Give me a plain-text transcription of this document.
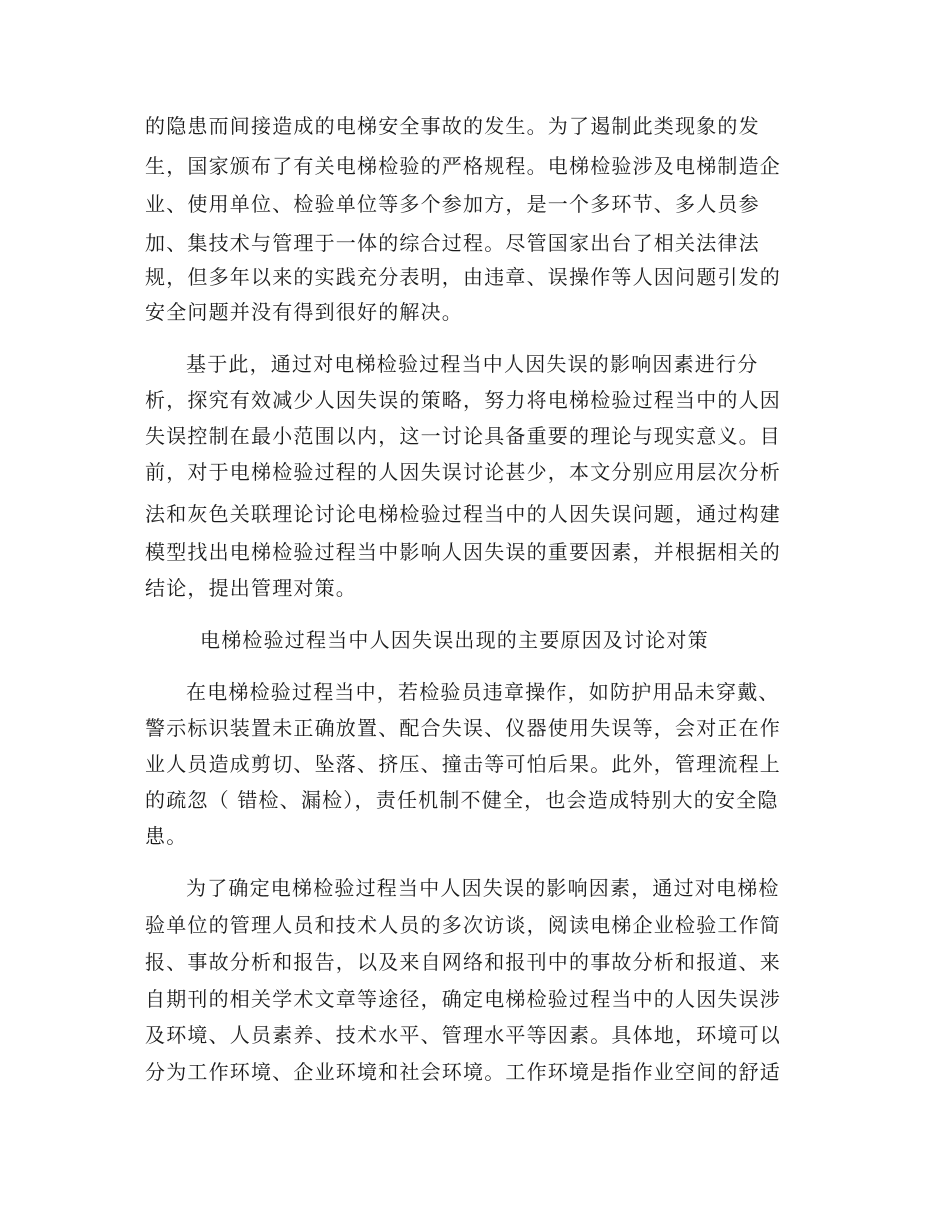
的隐患而间接造成的电梯安全事故的发生。为了遏制此类现象的发
生，国家颁布了有关电梯检验的严格规程。电梯检验涉及电梯制造企
业、使用单位、检验单位等多个参加方，是一个多环节、多人员参
加、集技术与管理于一体的综合过程。尽管国家出台了相关法律法
规，但多年以来的实践充分表明，由违章、误操作等人因问题引发的
安全问题并没有得到很好的解决。
基于此，通过对电梯检验过程当中人因失误的影响因素进行分
析，探究有效减少人因失误的策略，努力将电梯检验过程当中的人因
失误控制在最小范围以内，这一讨论具备重要的理论与现实意义。目
前，对于电梯检验过程的人因失误讨论甚少，本文分别应用层次分析
法和灰色关联理论讨论电梯检验过程当中的人因失误问题，通过构建
模型找出电梯检验过程当中影响人因失误的重要因素，并根据相关的
结论，提出管理对策。
电梯检验过程当中人因失误出现的主要原因及讨论对策
在电梯检验过程当中，若检验员违章操作，如防护用品未穿戴、
警示标识装置未正确放置、配合失误、仪器使用失误等，会对正在作
业人员造成剪切、坠落、挤压、撞击等可怕后果。此外，管理流程上
的疏忽（ 错检、漏检），责任机制不健全，也会造成特别大的安全隐
患。
为了确定电梯检验过程当中人因失误的影响因素，通过对电梯检
验单位的管理人员和技术人员的多次访谈，阅读电梯企业检验工作简
报、事故分析和报告，以及来自网络和报刊中的事故分析和报道、来
自期刊的相关学术文章等途径，确定电梯检验过程当中的人因失误涉
及环境、人员素养、技术水平、管理水平等因素。具体地，环境可以
分为工作环境、企业环境和社会环境。工作环境是指作业空间的舒适
